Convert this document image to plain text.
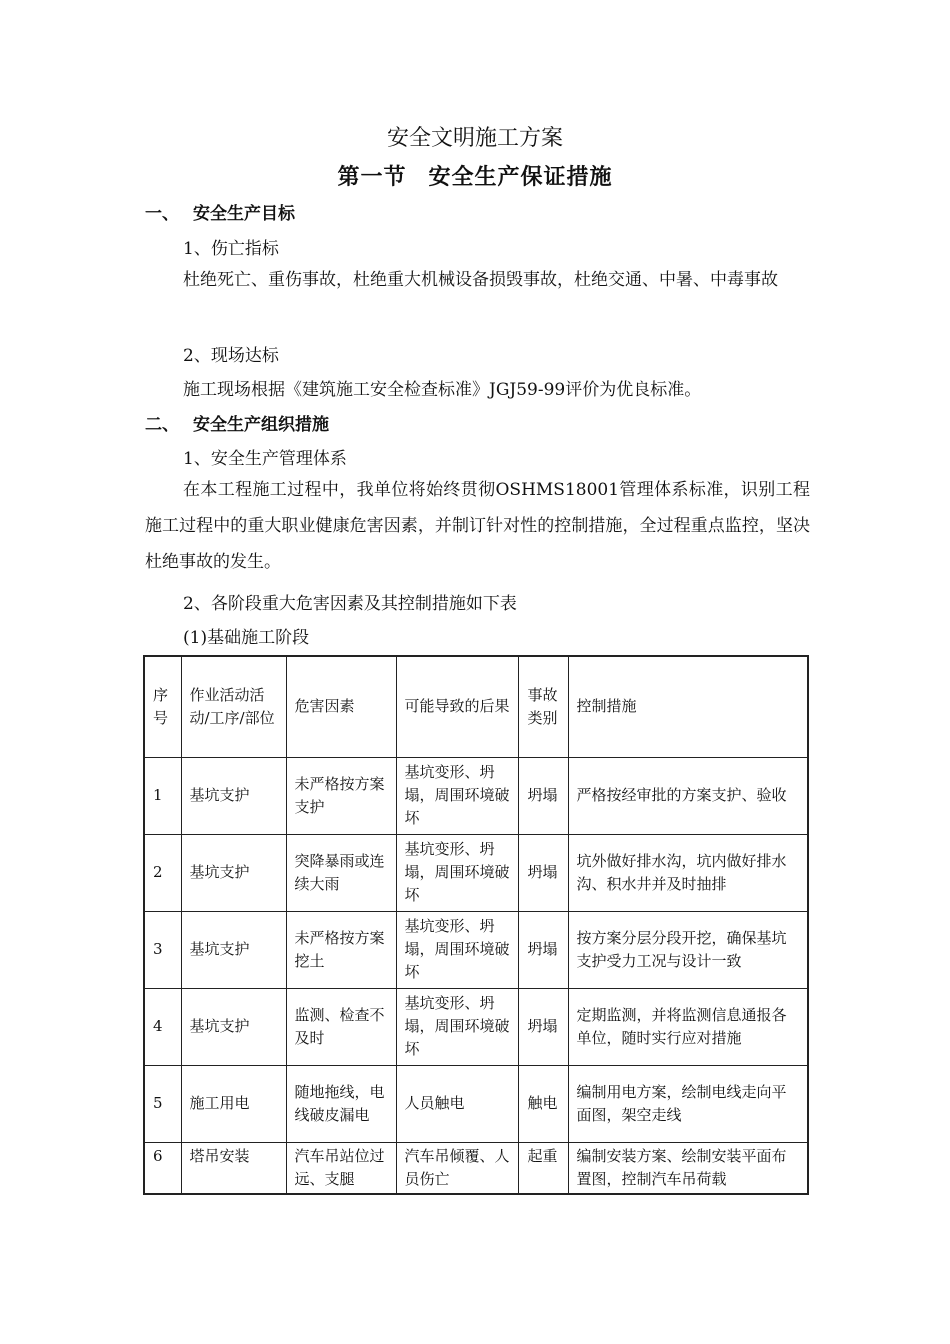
安全文明施工方案
第一节 安全生产保证措施
一、 安全生产目标
1、伤亡指标
杜绝死亡、重伤事故，杜绝重大机械设备损毁事故，杜绝交通、中暑、中毒事故
2、现场达标
施工现场根据《建筑施工安全检查标准》JGJ59-99评价为优良标准。
二、 安全生产组织措施
1、安全生产管理体系
在本工程施工过程中，我单位将始终贯彻OSHMS18001管理体系标准，识别工程施工过程中的重大职业健康危害因素，并制订针对性的控制措施，全过程重点监控，坚决杜绝事故的发生。
2、各阶段重大危害因素及其控制措施如下表
(1)基础施工阶段
序号	作业活动活动/工序/部位	危害因素	可能导致的后果	事故类别	控制措施
1	基坑支护	未严格按方案支护	基坑变形、坍塌，周围环境破坏	坍塌	严格按经审批的方案支护、验收
2	基坑支护	突降暴雨或连续大雨	基坑变形、坍塌，周围环境破坏	坍塌	坑外做好排水沟，坑内做好排水沟、积水井并及时抽排
3	基坑支护	未严格按方案挖土	基坑变形、坍塌，周围环境破坏	坍塌	按方案分层分段开挖，确保基坑支护受力工况与设计一致
4	基坑支护	监测、检查不及时	基坑变形、坍塌，周围环境破坏	坍塌	定期监测，并将监测信息通报各单位，随时实行应对措施
5	施工用电	随地拖线，电线破皮漏电	人员触电	触电	编制用电方案，绘制电线走向平面图，架空走线
6	塔吊安装	汽车吊站位过远、支腿	汽车吊倾覆、人员伤亡	起重	编制安装方案、绘制安装平面布置图，控制汽车吊荷载
